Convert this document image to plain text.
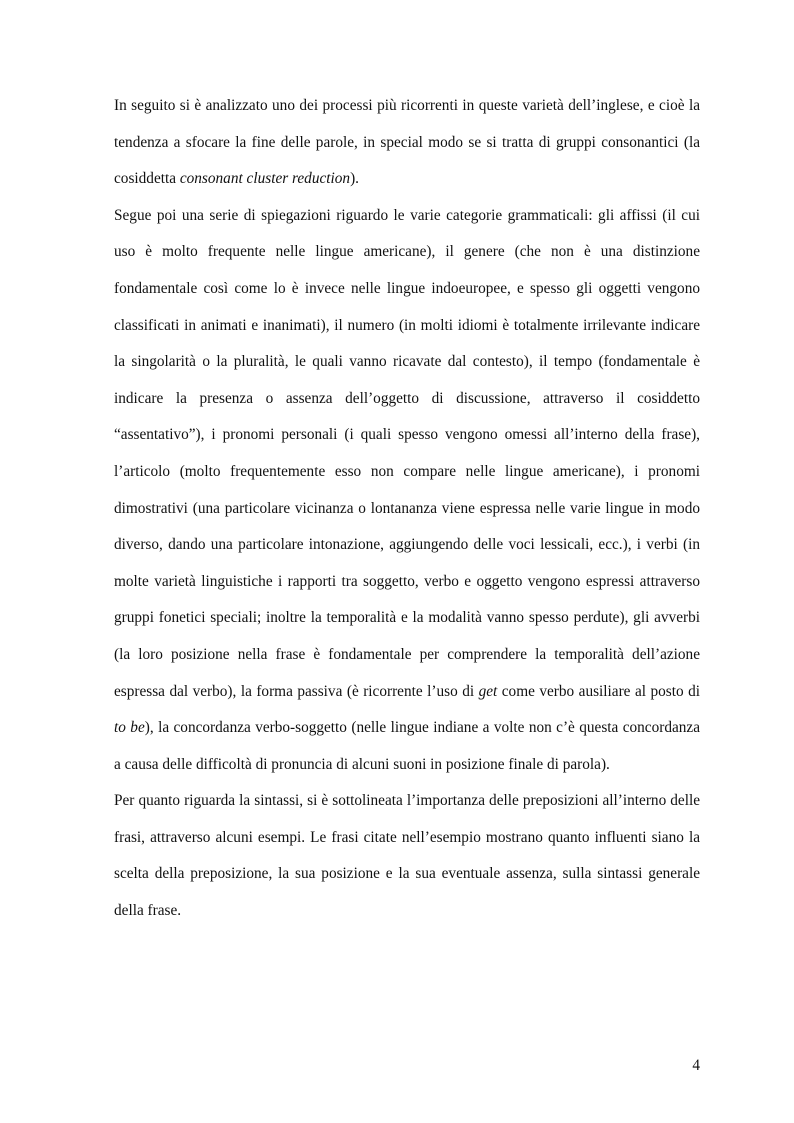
In seguito si è analizzato uno dei processi più ricorrenti in queste varietà dell’inglese, e cioè la tendenza a sfocare la fine delle parole, in special modo se si tratta di gruppi consonantici (la cosiddetta consonant cluster reduction).

Segue poi una serie di spiegazioni riguardo le varie categorie grammaticali: gli affissi (il cui uso è molto frequente nelle lingue americane), il genere (che non è una distinzione fondamentale così come lo è invece nelle lingue indoeuropee, e spesso gli oggetti vengono classificati in animati e inanimati), il numero (in molti idiomi è totalmente irrilevante indicare la singolarità o la pluralità, le quali vanno ricavate dal contesto), il tempo (fondamentale è indicare la presenza o assenza dell’oggetto di discussione, attraverso il cosiddetto “assentativo”), i pronomi personali (i quali spesso vengono omessi all’interno della frase), l’articolo (molto frequentemente esso non compare nelle lingue americane), i pronomi dimostrativi (una particolare vicinanza o lontananza viene espressa nelle varie lingue in modo diverso, dando una particolare intonazione, aggiungendo delle voci lessicali, ecc.), i verbi (in molte varietà linguistiche i rapporti tra soggetto, verbo e oggetto vengono espressi attraverso gruppi fonetici speciali; inoltre la temporalità e la modalità vanno spesso perdute), gli avverbi (la loro posizione nella frase è fondamentale per comprendere la temporalità dell’azione espressa dal verbo), la forma passiva (è ricorrente l’uso di get come verbo ausiliare al posto di to be), la concordanza verbo-soggetto (nelle lingue indiane a volte non c’è questa concordanza a causa delle difficoltà di pronuncia di alcuni suoni in posizione finale di parola).

Per quanto riguarda la sintassi, si è sottolineata l’importanza delle preposizioni all’interno delle frasi, attraverso alcuni esempi. Le frasi citate nell’esempio mostrano quanto influenti siano la scelta della preposizione, la sua posizione e la sua eventuale assenza, sulla sintassi generale della frase.

4
